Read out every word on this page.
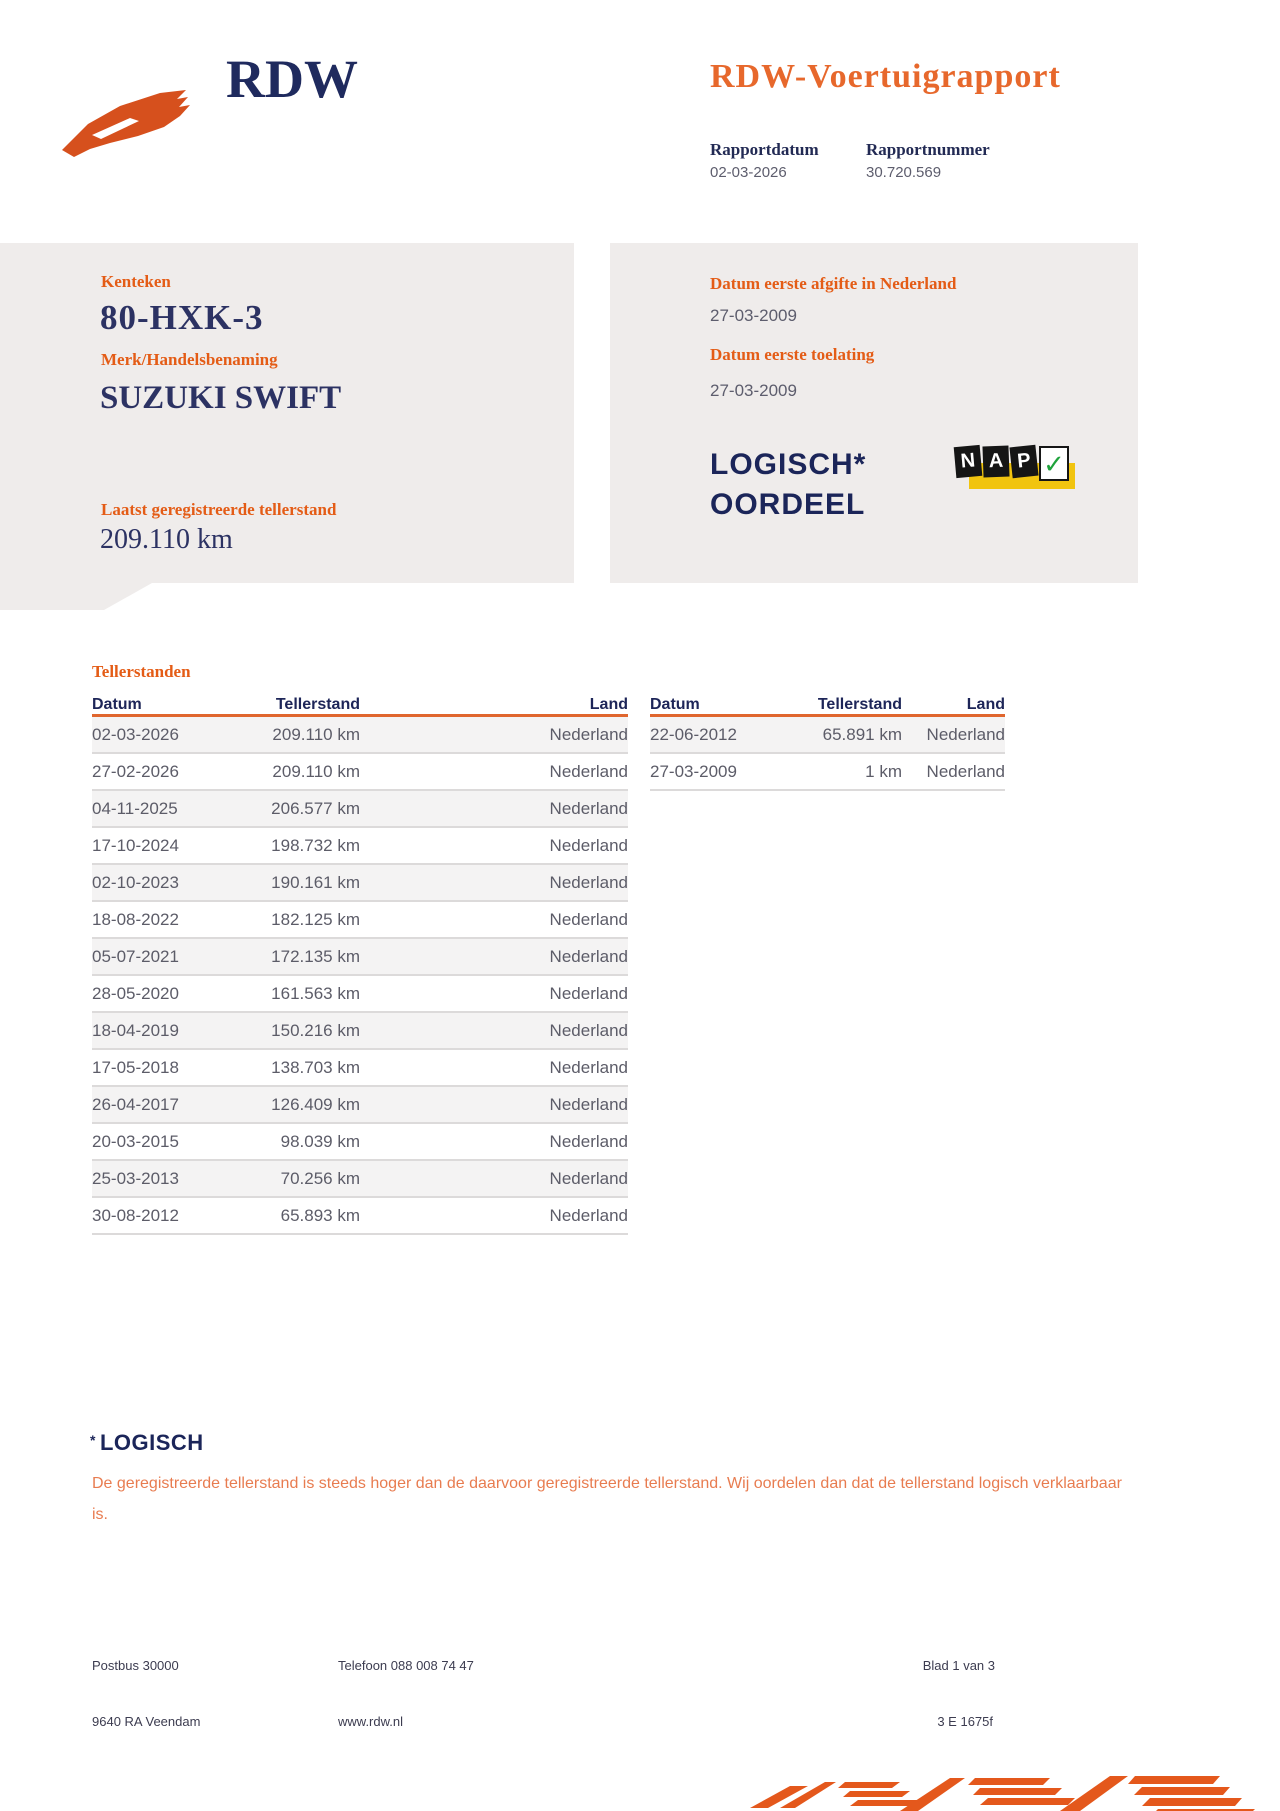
RDW	RDW-Voertuigrapport
Rapportdatum	Rapportnummer
02-03-2026	30.720.569
Kenteken
80-HXK-3
Merk/Handelsbenaming
SUZUKI SWIFT
Laatst geregistreerde tellerstand
209.110 km
Datum eerste afgifte in Nederland
27-03-2009
Datum eerste toelating
27-03-2009
LOGISCH*
OORDEEL
N A P ✓
Tellerstanden
Datum	Tellerstand	Land
02-03-2026	209.110 km	Nederland
27-02-2026	209.110 km	Nederland
04-11-2025	206.577 km	Nederland
17-10-2024	198.732 km	Nederland
02-10-2023	190.161 km	Nederland
18-08-2022	182.125 km	Nederland
05-07-2021	172.135 km	Nederland
28-05-2020	161.563 km	Nederland
18-04-2019	150.216 km	Nederland
17-05-2018	138.703 km	Nederland
26-04-2017	126.409 km	Nederland
20-03-2015	98.039 km	Nederland
25-03-2013	70.256 km	Nederland
30-08-2012	65.893 km	Nederland
Datum	Tellerstand	Land
22-06-2012	65.891 km	Nederland
27-03-2009	1 km	Nederland
* LOGISCH
De geregistreerde tellerstand is steeds hoger dan de daarvoor geregistreerde tellerstand. Wij oordelen dan dat de tellerstand logisch verklaarbaar is.
Postbus 30000	Telefoon 088 008 74 47	Blad 1 van 3
9640 RA Veendam	www.rdw.nl	3 E 1675f
